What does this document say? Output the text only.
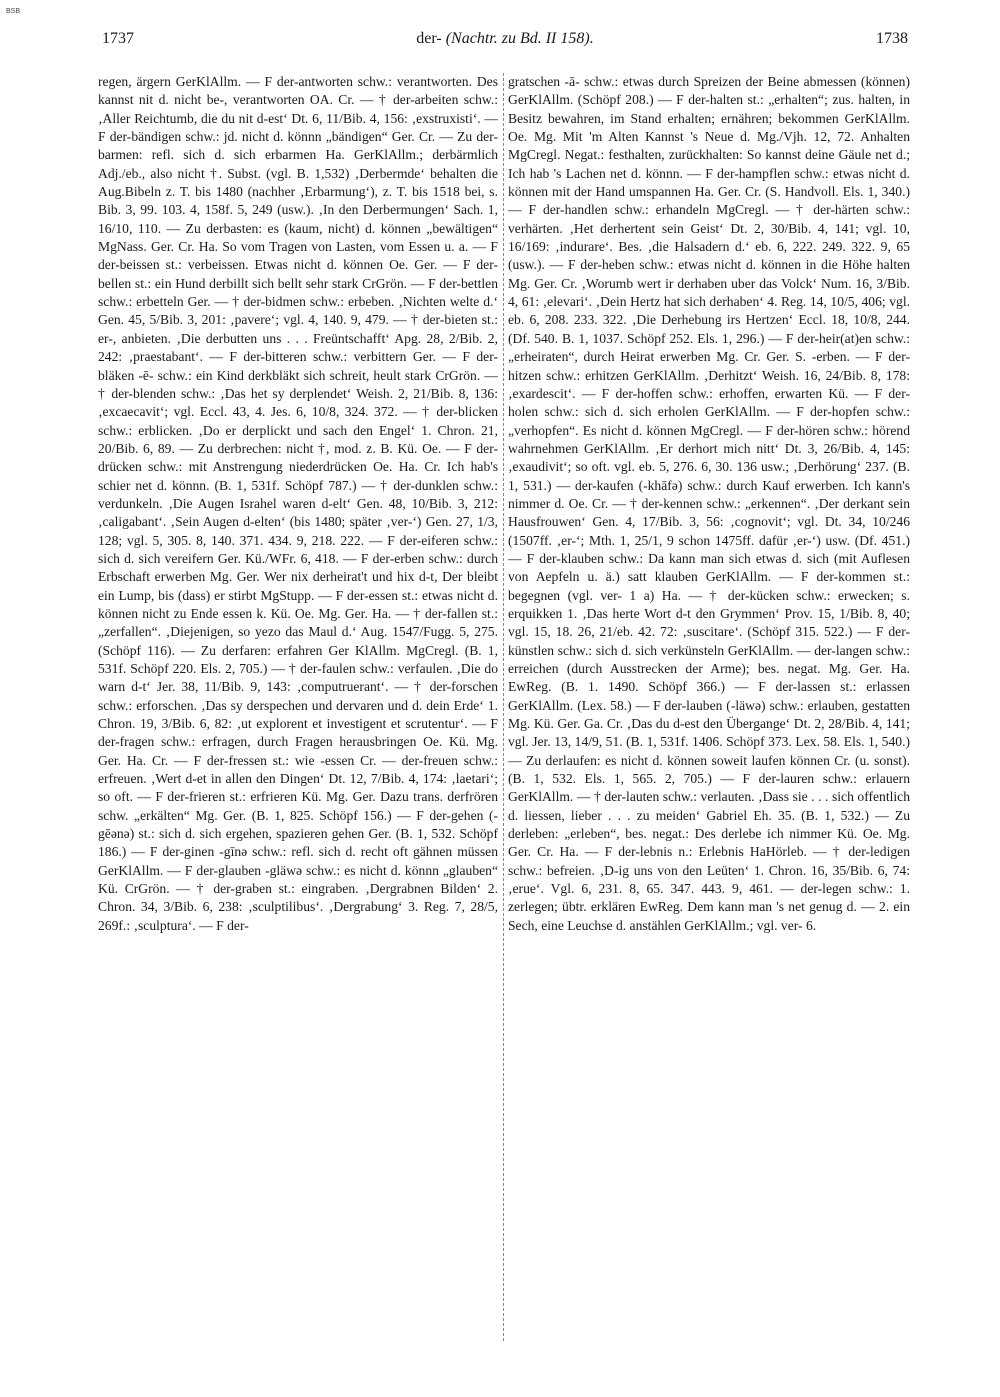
BSB
1737	der- (Nachtr. zu Bd. II 158).	1738

regen, ärgern GerKlAllm. — F der-antworten schw.: verantworten. Des kannst nit d. nicht be-, verantworten OA. Cr. — † der-arbeiten schw.: ‚Aller Reichtumb, die du nit d-est‘ Dt. 6, 11/Bib. 4, 156: ‚exstruxisti‘. — F der-bändigen schw.: jd. nicht d. könnn „bändigen“ Ger. Cr. — Zu der-barmen: refl. sich d. sich erbarmen Ha. GerKlAllm.; derbärmlich Adj./eb., also nicht †. Subst. (vgl. B. 1,532) ‚Derbermde‘ behalten die Aug.Bibeln z. T. bis 1480 (nachher ‚Erbarmung‘), z. T. bis 1518 bei, s. Bib. 3, 99. 103. 4, 158f. 5, 249 (usw.). ‚In den Derbermungen‘ Sach. 1, 16/10, 110. — Zu derbasten: es (kaum, nicht) d. können „bewältigen“ MgNass. Ger. Cr. Ha. So vom Tragen von Lasten, vom Essen u. a. — F der-beissen st.: verbeissen. Etwas nicht d. können Oe. Ger. — F der-bellen st.: ein Hund derbillt sich bellt sehr stark CrGrön. — F der-bettlen schw.: erbetteln Ger. — † der-bidmen schw.: erbeben. ‚Nichten welte d.‘ Gen. 45, 5/Bib. 3, 201: ‚pavere‘; vgl. 4, 140. 9, 479. — † der-bieten st.: er-, anbieten. ‚Die derbutten uns . . . Freüntschafft‘ Apg. 28, 2/Bib. 2, 242: ‚praestabant‘. — F der-bitteren schw.: verbittern Ger. — F der-bläken -ē- schw.: ein Kind derkbläkt sich schreit, heult stark CrGrön. — † der-blenden schw.: ‚Das het sy derplendet‘ Weish. 2, 21/Bib. 8, 136: ‚excaecavit‘; vgl. Eccl. 43, 4. Jes. 6, 10/8, 324. 372. — † der-blicken schw.: erblicken. ‚Do er derplickt und sach den Engel‘ 1. Chron. 21, 20/Bib. 6, 89. — Zu derbrechen: nicht †, mod. z. B. Kü. Oe. — F der-drücken schw.: mit Anstrengung niederdrücken Oe. Ha. Cr. Ich hab's schier net d. könnn. (B. 1, 531f. Schöpf 787.) — † der-dunklen schw.: verdunkeln. ‚Die Augen Israhel waren d-elt‘ Gen. 48, 10/Bib. 3, 212: ‚caligabant‘. ‚Sein Augen d-elten‘ (bis 1480; später ‚ver-‘) Gen. 27, 1/3, 128; vgl. 5, 305. 8, 140. 371. 434. 9, 218. 222. — F der-eiferen schw.: sich d. sich vereifern Ger. Kü./WFr. 6, 418. — F der-erben schw.: durch Erbschaft erwerben Mg. Ger. Wer nix derheirat't und hix d-t, Der bleibt ein Lump, bis (dass) er stirbt MgStupp. — F der-essen st.: etwas nicht d. können nicht zu Ende essen k. Kü. Oe. Mg. Ger. Ha. — † der-fallen st.: „zerfallen“. ‚Diejenigen, so yezo das Maul d.‘ Aug. 1547/Fugg. 5, 275. (Schöpf 116). — Zu derfaren: erfahren Ger KlAllm. MgCregl. (B. 1, 531f. Schöpf 220. Els. 2, 705.) — † der-faulen schw.: verfaulen. ‚Die do warn d-t‘ Jer. 38, 11/Bib. 9, 143: ‚computruerant‘. — † der-forschen schw.: erforschen. ‚Das sy derspechen und dervaren und d. dein Erde‘ 1. Chron. 19, 3/Bib. 6, 82: ‚ut explorent et investigent et scrutentur‘. — F der-fragen schw.: erfragen, durch Fragen herausbringen Oe. Kü. Mg. Ger. Ha. Cr. — F der-fressen st.: wie -essen Cr. — der-freuen schw.: erfreuen. ‚Wert d-et in allen den Dingen‘ Dt. 12, 7/Bib. 4, 174: ‚laetari‘; so oft. — F der-frieren st.: erfrieren Kü. Mg. Ger. Dazu trans. derfrören schw. „erkälten“ Mg. Ger. (B. 1, 825. Schöpf 156.) — F der-gehen (-gēənə) st.: sich d. sich ergehen, spazieren gehen Ger. (B. 1, 532. Schöpf 186.) — F der-ginen -gīnə schw.: refl. sich d. recht oft gähnen müssen GerKlAllm. — F der-glauben -gläwə schw.: es nicht d. könnn „glauben“ Kü. CrGrön. — † der-graben st.: eingraben. ‚Dergrabnen Bilden‘ 2. Chron. 34, 3/Bib. 6, 238: ‚sculptilibus‘. ‚Dergrabung‘ 3. Reg. 7, 28/5, 269f.: ‚sculptura‘. — F der-

gratschen -ā- schw.: etwas durch Spreizen der Beine abmessen (können) GerKlAllm. (Schöpf 208.) — F der-halten st.: „erhalten“; zus. halten, in Besitz bewahren, im Stand erhalten; ernähren; bekommen GerKlAllm. Oe. Mg. Mit 'm Alten Kannst 's Neue d. Mg./Vjh. 12, 72. Anhalten MgCregl. Negat.: festhalten, zurückhalten: So kannst deine Gäule net d.; Ich hab 's Lachen net d. könnn. — F der-hampflen schw.: etwas nicht d. können mit der Hand umspannen Ha. Ger. Cr. (S. Handvoll. Els. 1, 340.) — F der-handlen schw.: erhandeln MgCregl. — † der-härten schw.: verhärten. ‚Het derhertent sein Geist‘ Dt. 2, 30/Bib. 4, 141; vgl. 10, 16/169: ‚indurare‘. Bes. ‚die Halsadern d.‘ eb. 6, 222. 249. 322. 9, 65 (usw.). — F der-heben schw.: etwas nicht d. können in die Höhe halten Mg. Ger. Cr. ‚Worumb wert ir derhaben uber das Volck‘ Num. 16, 3/Bib. 4, 61: ‚elevari‘. ‚Dein Hertz hat sich derhaben‘ 4. Reg. 14, 10/5, 406; vgl. eb. 6, 208. 233. 322. ‚Die Derhebung irs Hertzen‘ Eccl. 18, 10/8, 244. (Df. 540. B. 1, 1037. Schöpf 252. Els. 1, 296.) — F der-heir(at)en schw.: „erheiraten“, durch Heirat erwerben Mg. Cr. Ger. S. -erben. — F der-hitzen schw.: erhitzen GerKlAllm. ‚Derhitzt‘ Weish. 16, 24/Bib. 8, 178: ‚exardescit‘. — F der-hoffen schw.: erhoffen, erwarten Kü. — F der-holen schw.: sich d. sich erholen GerKlAllm. — F der-hopfen schw.: „verhopfen“. Es nicht d. können MgCregl. — F der-hören schw.: hörend wahrnehmen GerKlAllm. ‚Er derhort mich nitt‘ Dt. 3, 26/Bib. 4, 145: ‚exaudivit‘; so oft. vgl. eb. 5, 276. 6, 30. 136 usw.; ‚Derhörung‘ 237. (B. 1, 531.) — der-kaufen (-khāfə) schw.: durch Kauf erwerben. Ich kann's nimmer d. Oe. Cr. — † der-kennen schw.: „erkennen“. ‚Der derkant sein Hausfrouwen‘ Gen. 4, 17/Bib. 3, 56: ‚cognovit‘; vgl. Dt. 34, 10/246 (1507ff. ‚er-‘; Mth. 1, 25/1, 9 schon 1475ff. dafür ‚er-‘) usw. (Df. 451.) — F der-klauben schw.: Da kann man sich etwas d. sich (mit Auflesen von Aepfeln u. ä.) satt klauben GerKlAllm. — F der-kommen st.: begegnen (vgl. ver- 1 a) Ha. — † der-kücken schw.: erwecken; s. erquikken 1. ‚Das herte Wort d-t den Grymmen‘ Prov. 15, 1/Bib. 8, 40; vgl. 15, 18. 26, 21/eb. 42. 72: ‚suscitare‘. (Schöpf 315. 522.) — F der-künstlen schw.: sich d. sich verkünsteln GerKlAllm. — der-langen schw.: erreichen (durch Ausstrecken der Arme); bes. negat. Mg. Ger. Ha. EwReg. (B. 1. 1490. Schöpf 366.) — F der-lassen st.: erlassen GerKlAllm. (Lex. 58.) — F der-lauben (-läwə) schw.: erlauben, gestatten Mg. Kü. Ger. Ga. Cr. ‚Das du d-est den Übergange‘ Dt. 2, 28/Bib. 4, 141; vgl. Jer. 13, 14/9, 51. (B. 1, 531f. 1406. Schöpf 373. Lex. 58. Els. 1, 540.) — Zu derlaufen: es nicht d. können soweit laufen können Cr. (u. sonst). (B. 1, 532. Els. 1, 565. 2, 705.) — F der-lauren schw.: erlauern GerKlAllm. — † der-lauten schw.: verlauten. ‚Dass sie . . . sich offentlich d. liessen, lieber . . . zu meiden‘ Gabriel Eh. 35. (B. 1, 532.) — Zu derleben: „erleben“, bes. negat.: Des derlebe ich nimmer Kü. Oe. Mg. Ger. Cr. Ha. — F der-lebnis n.: Erlebnis HaHörleb. — † der-ledigen schw.: befreien. ‚D-ig uns von den Leüten‘ 1. Chron. 16, 35/Bib. 6, 74: ‚erue‘. Vgl. 6, 231. 8, 65. 347. 443. 9, 461. — der-legen schw.: 1. zerlegen; übtr. erklären EwReg. Dem kann man 's net genug d. — 2. ein Sech, eine Leuchse d. anstählen GerKlAllm.; vgl. ver- 6.
